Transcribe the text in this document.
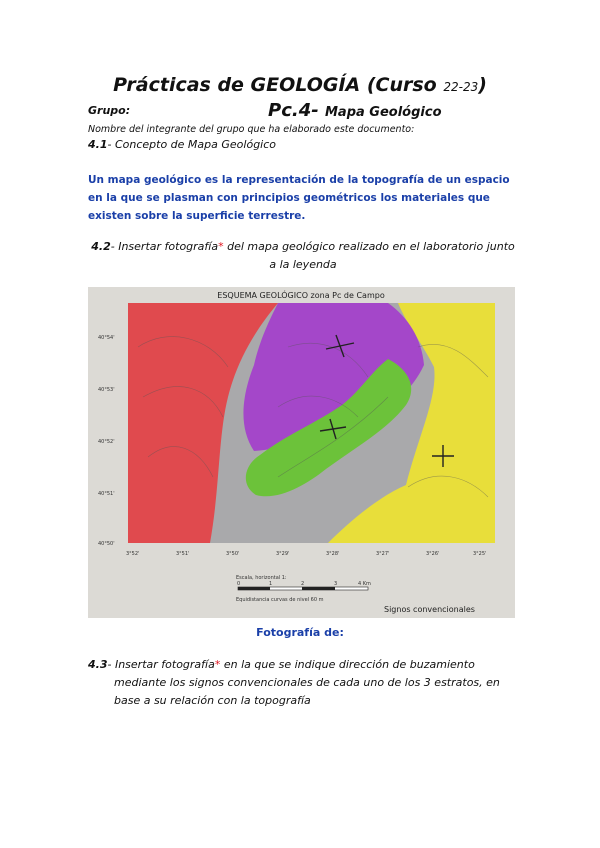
Prácticas de GEOLOGÍA (Curso 22-23)
Grupo:	Pc.4- Mapa Geológico
Nombre del integrante del grupo que ha elaborado este documento:
4.1- Concepto de Mapa Geológico
Un mapa geológico es la representación de la topografía de un espacio en la que se plasman con principios geométricos los materiales que existen sobre la superficie terrestre.
4.2- Insertar fotografía* del mapa geológico realizado en el laboratorio junto a la leyenda
ESQUEMA GEOLÓGICO zona Pc de Campo
40°54'
40°53'
40°52'
40°51'
40°50'
3°52'	3°51'	3°50'	3°29'	3°28'	3°27'	3°26'	3°25'
Escala, horizontal 1:
0	1	2	3	4 Km
Equidistancia curvas de nivel 60 m
Signos convencionales
Fotografía de:
4.3- Insertar fotografía* en la que se indique dirección de buzamiento
mediante los signos convencionales de cada uno de los 3 estratos, en
base a su relación con la topografía
